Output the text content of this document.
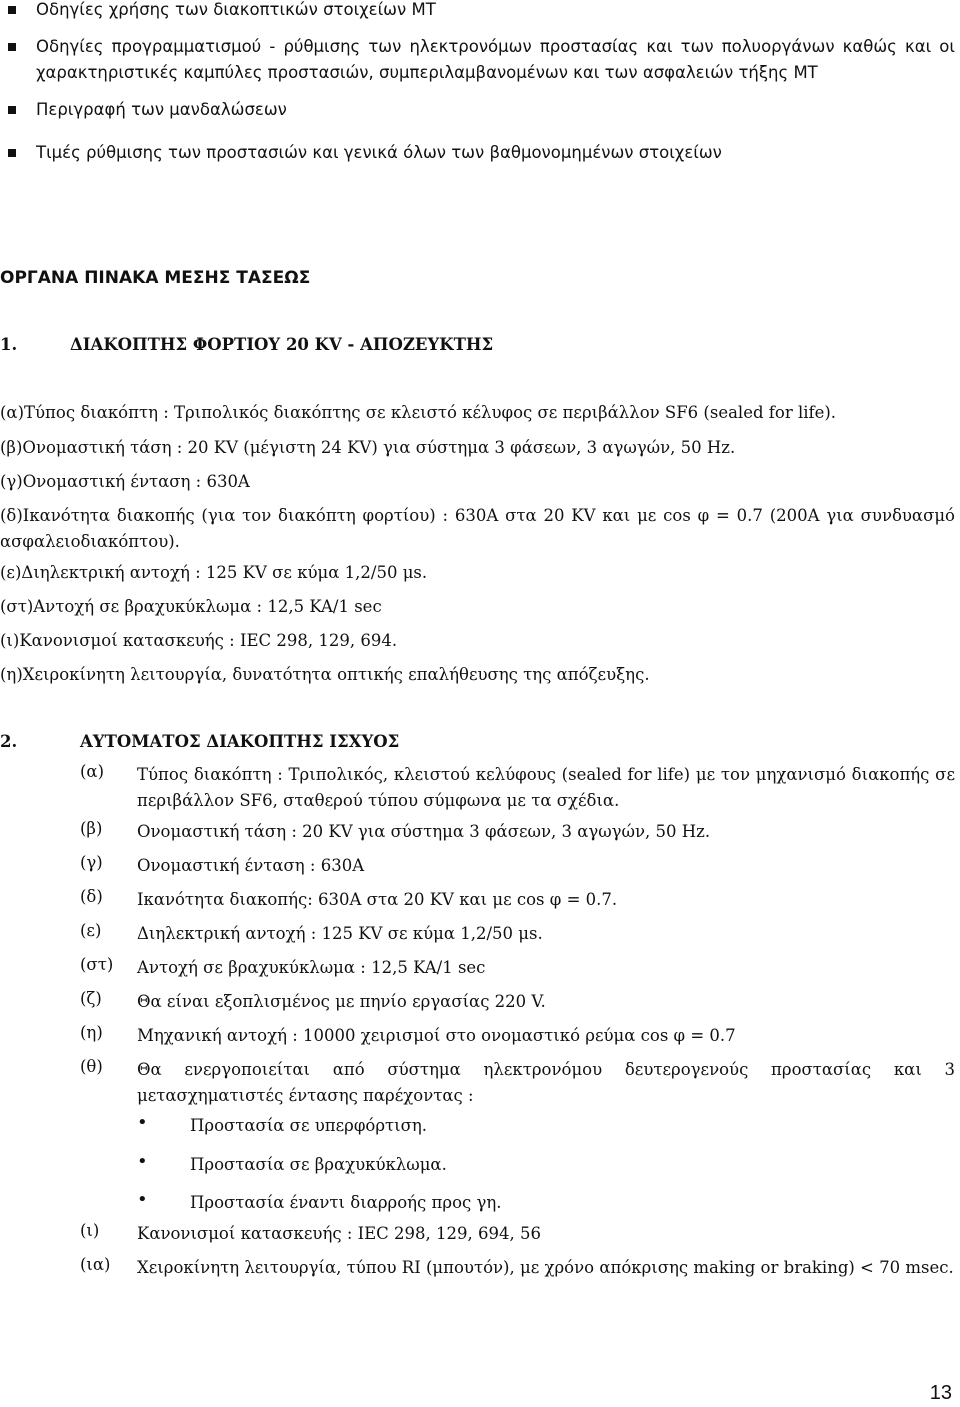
Οδηγίες χρήσης των διακοπτικών στοιχείων ΜΤ
Οδηγίες προγραμματισμού - ρύθμισης των ηλεκτρονόμων προστασίας και των πολυοργάνων καθώς και οι χαρακτηριστικές καμπύλες προστασιών, συμπεριλαμβανομένων και των ασφαλειών τήξης ΜΤ
Περιγραφή των μανδαλώσεων
Τιμές ρύθμισης των προστασιών και γενικά όλων των βαθμονομημένων στοιχείων
ΟΡΓΑΝΑ ΠΙΝΑΚΑ ΜΕΣΗΣ ΤΑΣΕΩΣ
1.	ΔΙΑΚΟΠΤΗΣ ΦΟΡΤΙΟΥ 20 KV - ΑΠΟΖΕΥΚΤΗΣ
(α)Τύπος διακόπτη : Τριπολικός διακόπτης σε κλειστό κέλυφος σε περιβάλλον SF6 (sealed for life).
(β)Ονομαστική τάση : 20 KV (μέγιστη 24 KV) για σύστημα 3 φάσεων, 3 αγωγών, 50 Hz.
(γ)Ονομαστική ένταση : 630Α
(δ)Ικανότητα διακοπής (για τον διακόπτη φορτίου) : 630Α στα 20 KV και με cos φ = 0.7 (200Α για συνδυασμό ασφαλειοδιακόπτου).
(ε)Διηλεκτρική αντοχή : 125 KV σε κύμα 1,2/50 μs.
(στ)Αντοχή σε βραχυκύκλωμα : 12,5 KA/1 sec
(ι)Κανονισμοί κατασκευής : IEC 298, 129, 694.
(η)Χειροκίνητη λειτουργία, δυνατότητα οπτικής επαλήθευσης της απόζευξης.
2.	ΑΥΤΟΜΑΤΟΣ ΔΙΑΚΟΠΤΗΣ ΙΣΧΥΟΣ
(α) Τύπος διακόπτη : Τριπολικός, κλειστού κελύφους (sealed for life) με τον μηχανισμό διακοπής σε περιβάλλον SF6, σταθερού τύπου σύμφωνα με τα σχέδια.
(β) Ονομαστική τάση : 20 KV για σύστημα 3 φάσεων, 3 αγωγών, 50 Hz.
(γ) Ονομαστική ένταση : 630Α
(δ) Ικανότητα διακοπής: 630Α στα 20 KV και με cos φ = 0.7.
(ε) Διηλεκτρική αντοχή : 125 KV σε κύμα 1,2/50 μs.
(στ) Αντοχή σε βραχυκύκλωμα : 12,5 KA/1 sec
(ζ) Θα είναι εξοπλισμένος με πηνίο εργασίας 220 V.
(η) Μηχανική αντοχή : 10000 χειρισμοί στο ονομαστικό ρεύμα cos φ = 0.7
(θ) Θα ενεργοποιείται από σύστημα ηλεκτρονόμου δευτερογενούς προστασίας και 3 μετασχηματιστές έντασης παρέχοντας :
•	Προστασία σε υπερφόρτιση.
•	Προστασία σε βραχυκύκλωμα.
•	Προστασία έναντι διαρροής προς γη.
(ι) Κανονισμοί κατασκευής : IEC 298, 129, 694, 56
(ια) Χειροκίνητη λειτουργία, τύπου RI (μπουτόν), με χρόνο απόκρισης making or braking) < 70 msec.
13
